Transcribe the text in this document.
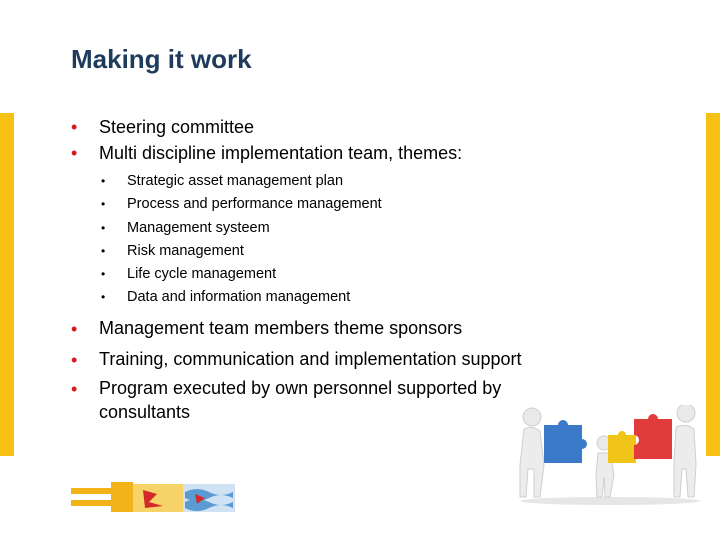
Making it work
• Steering committee
• Multi discipline implementation team, themes:
• Strategic asset management plan
• Process and performance management
• Management systeem
• Risk management
• Life cycle management
• Data and information management
• Management team members theme sponsors
• Training, communication and implementation support
• Program executed by own personnel supported by consultants
